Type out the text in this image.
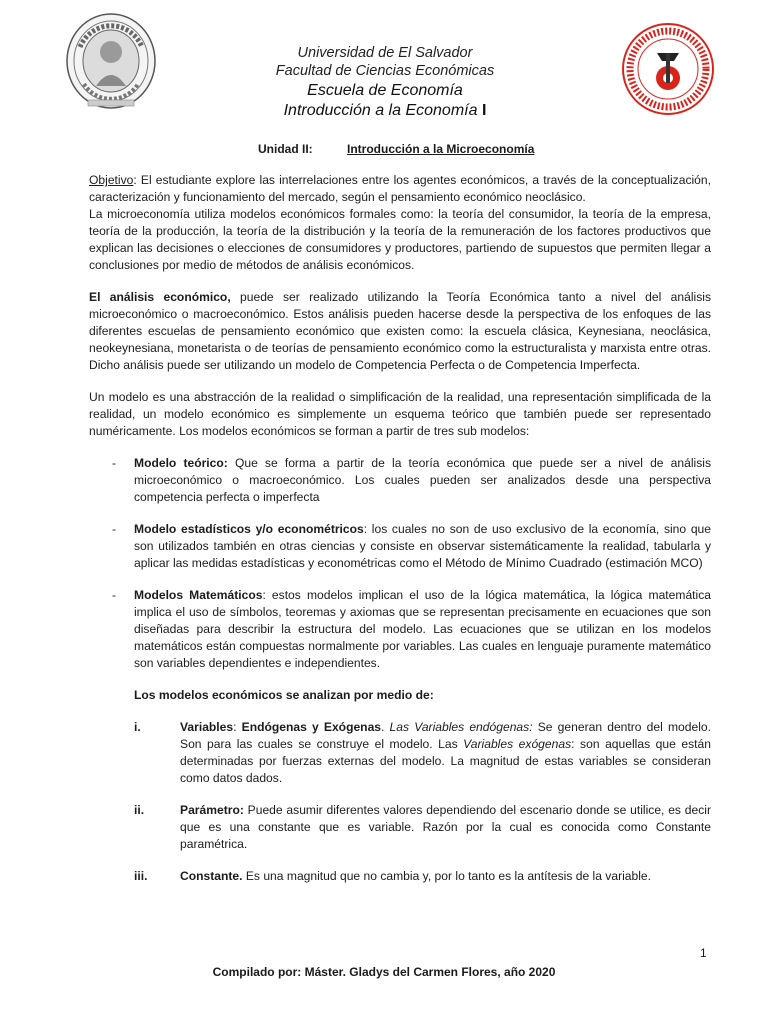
Universidad de El Salvador
Facultad de Ciencias Económicas
Escuela de Economía
Introducción a la Economía I
Unidad II:	Introducción a la Microeconomía

Objetivo: El estudiante explore las interrelaciones entre los agentes económicos, a través de la conceptualización, caracterización y funcionamiento del mercado, según el pensamiento económico neoclásico.

La microeconomía utiliza modelos económicos formales como: la teoría del consumidor, la teoría de la empresa, teoría de la producción, la teoría de la distribución y la teoría de la remuneración de los factores productivos que explican las decisiones o elecciones de consumidores y productores, partiendo de supuestos que permiten llegar a conclusiones por medio de métodos de análisis económicos.

El análisis económico, puede ser realizado utilizando la Teoría Económica tanto a nivel del análisis microeconómico o macroeconómico. Estos análisis pueden hacerse desde la perspectiva de los enfoques de las diferentes escuelas de pensamiento económico que existen como: la escuela clásica, Keynesiana, neoclásica, neokeynesiana, monetarista o de teorías de pensamiento económico como la estructuralista y marxista entre otras. Dicho análisis puede ser utilizando un modelo de Competencia Perfecta o de Competencia Imperfecta.

Un modelo es una abstracción de la realidad o simplificación de la realidad, una representación simplificada de la realidad, un modelo económico es simplemente un esquema teórico que también puede ser representado numéricamente. Los modelos económicos se forman a partir de tres sub modelos:

- Modelo teórico: Que se forma a partir de la teoría económica que puede ser a nivel de análisis microeconómico o macroeconómico. Los cuales pueden ser analizados desde una perspectiva competencia perfecta o imperfecta
- Modelo estadísticos y/o econométricos: los cuales no son de uso exclusivo de la economía, sino que son utilizados también en otras ciencias y consiste en observar sistemáticamente la realidad, tabularla y aplicar las medidas estadísticas y econométricas como el Método de Mínimo Cuadrado (estimación MCO)
- Modelos Matemáticos: estos modelos implican el uso de la lógica matemática, la lógica matemática implica el uso de símbolos, teoremas y axiomas que se representan precisamente en ecuaciones que son diseñadas para describir la estructura del modelo. Las ecuaciones que se utilizan en los modelos matemáticos están compuestas normalmente por variables. Las cuales en lenguaje puramente matemático son variables dependientes e independientes.
Los modelos económicos se analizan por medio de:
i.	Variables: Endógenas y Exógenas. Las Variables endógenas: Se generan dentro del modelo. Son para las cuales se construye el modelo. Las Variables exógenas: son aquellas que están determinadas por fuerzas externas del modelo. La magnitud de estas variables se consideran como datos dados.
ii.	Parámetro: Puede asumir diferentes valores dependiendo del escenario donde se utilice, es decir que es una constante que es variable. Razón por la cual es conocida como Constante paramétrica.
iii.	Constante. Es una magnitud que no cambia y, por lo tanto es la antítesis de la variable.
1
Compilado por: Máster. Gladys del Carmen Flores, año 2020
